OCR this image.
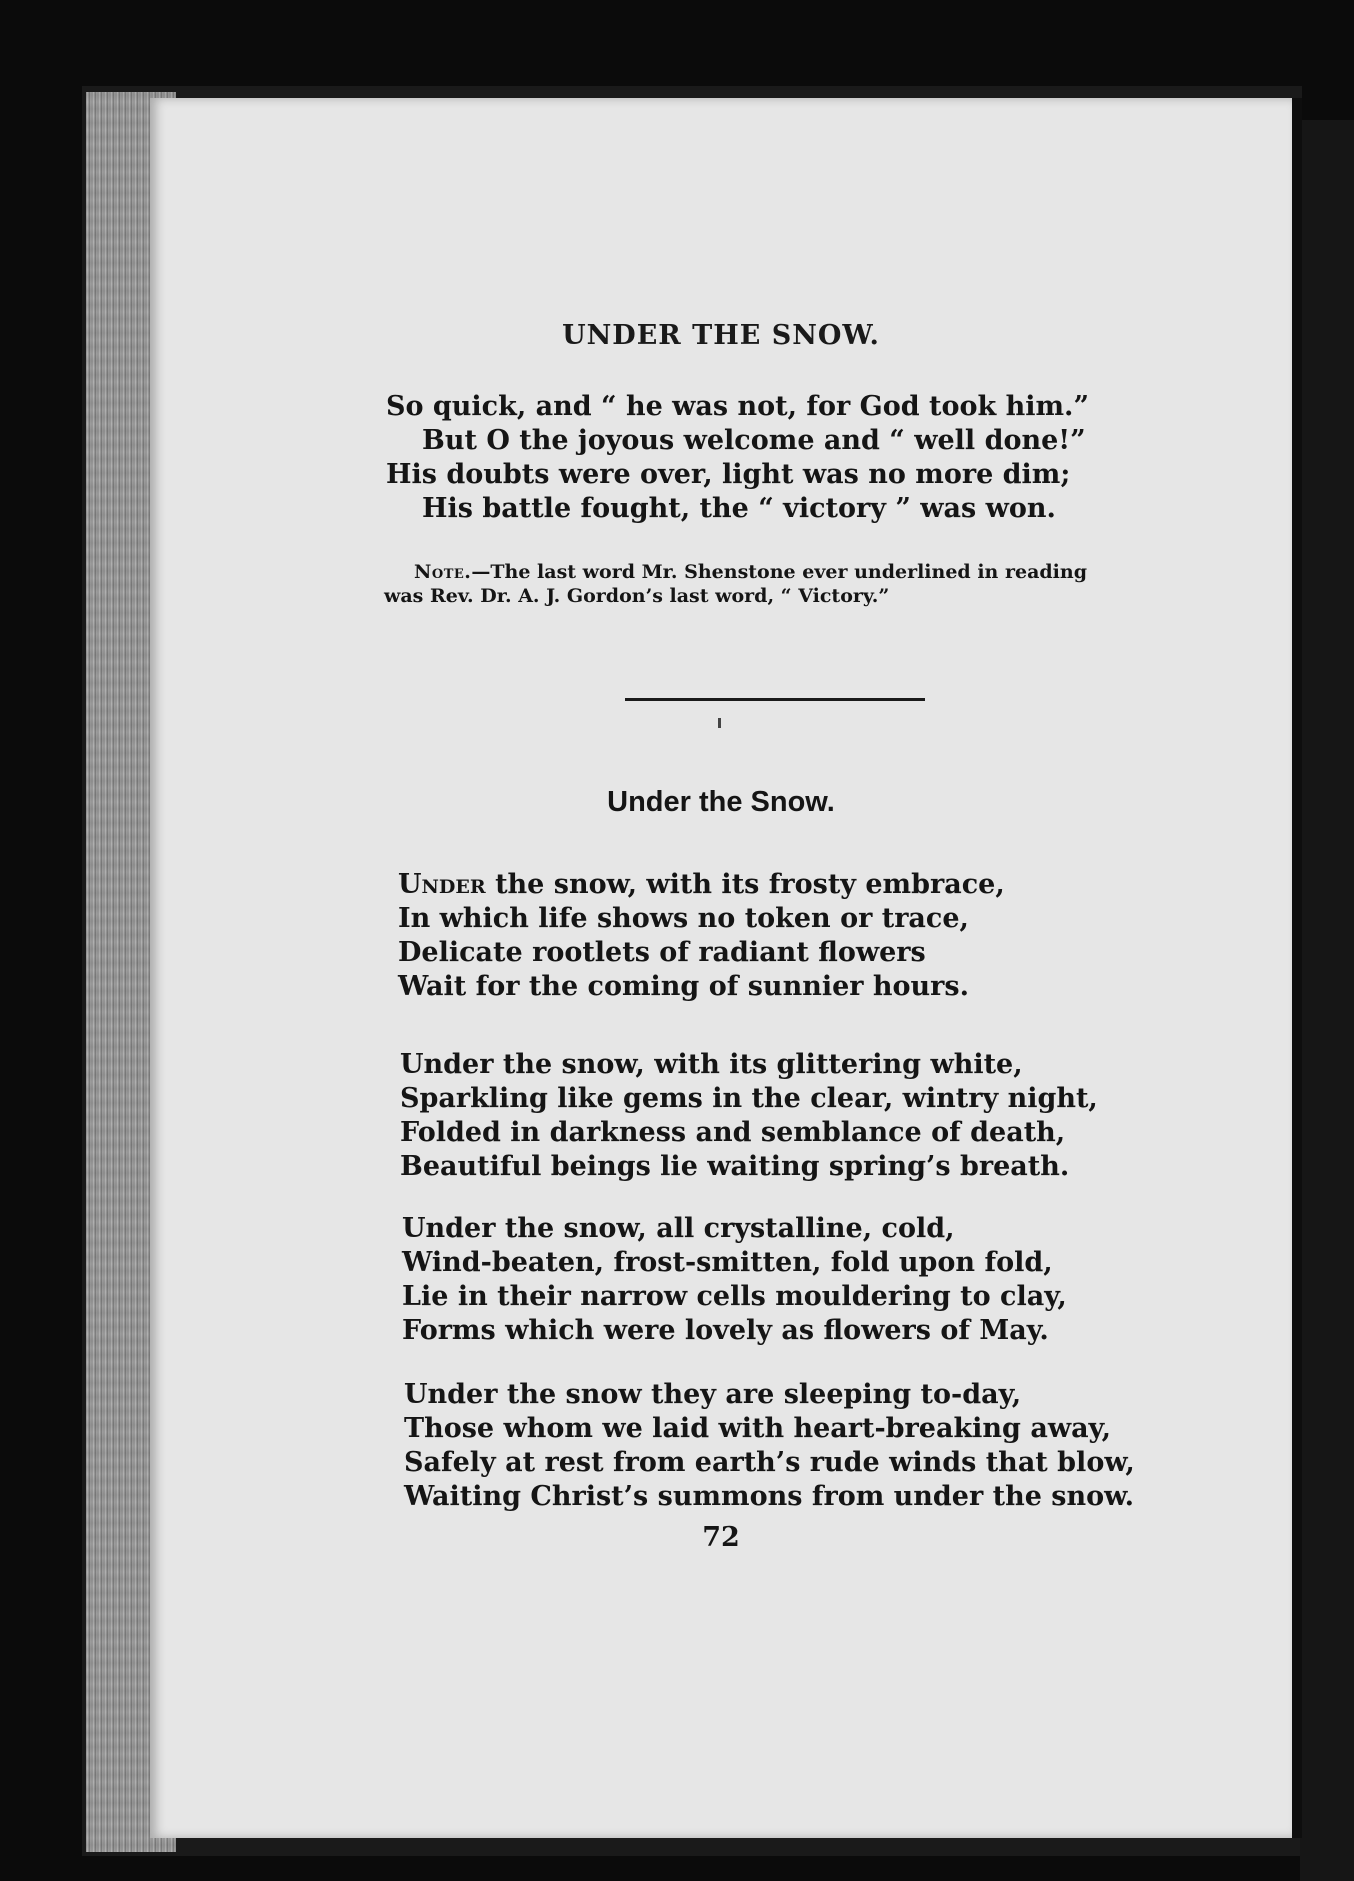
UNDER THE SNOW.
So quick, and “ he was not, for God took him.”
But O the joyous welcome and “ well done!”
His doubts were over, light was no more dim;
His battle fought, the “ victory ” was won.
Note.—The last word Mr. Shenstone ever underlined in reading
was Rev. Dr. A. J. Gordon’s last word, “ Victory.”
Under the Snow.
Under the snow, with its frosty embrace,
In which life shows no token or trace,
Delicate rootlets of radiant flowers
Wait for the coming of sunnier hours.
Under the snow, with its glittering white,
Sparkling like gems in the clear, wintry night,
Folded in darkness and semblance of death,
Beautiful beings lie waiting spring’s breath.
Under the snow, all crystalline, cold,
Wind-beaten, frost-smitten, fold upon fold,
Lie in their narrow cells mouldering to clay,
Forms which were lovely as flowers of May.
Under the snow they are sleeping to-day,
Those whom we laid with heart-breaking away,
Safely at rest from earth’s rude winds that blow,
Waiting Christ’s summons from under the snow.
72
